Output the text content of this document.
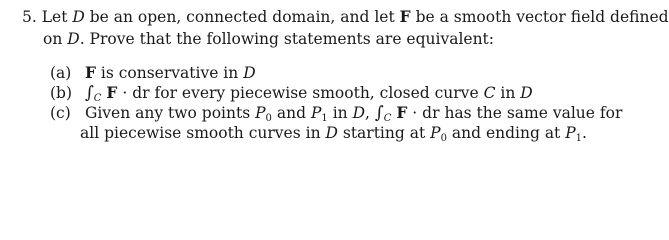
5. Let D be an open, connected domain, and let F be a smooth vector field defined
on D. Prove that the following statements are equivalent:
(a) F is conservative in D
(b) $\int_C$ F · dr for every piecewise smooth, closed curve C in D
(c) Given any two points $P_0$ and $P_1$ in D, $\int_C$ F · dr has the same value for
all piecewise smooth curves in D starting at $P_0$ and ending at $P_1$.
